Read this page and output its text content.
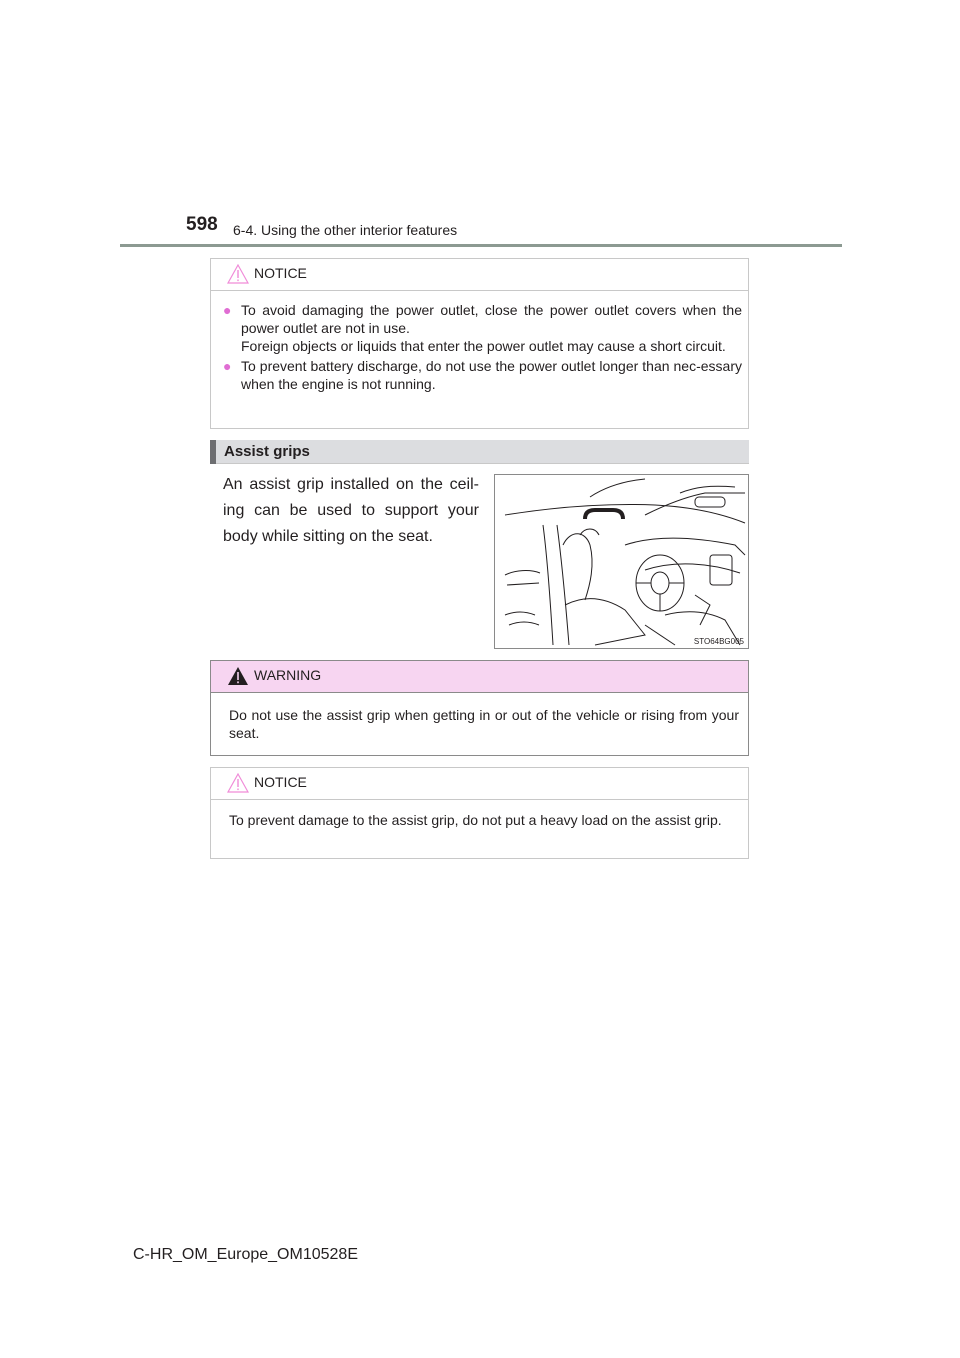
598 6-4. Using the other interior features
NOTICE
● To avoid damaging the power outlet, close the power outlet covers when the power outlet are not in use.

Foreign objects or liquids that enter the power outlet may cause a short circuit.

● To prevent battery discharge, do not use the power outlet longer than nec-essary when the engine is not running.

Assist grips
An assist grip installed on the ceil-ing can be used to support your body while sitting on the seat.
STO64BG005
WARNING
Do not use the assist grip when getting in or out of the vehicle or rising from your seat.
NOTICE
To prevent damage to the assist grip, do not put a heavy load on the assist grip.
C-HR_OM_Europe_OM10528E
